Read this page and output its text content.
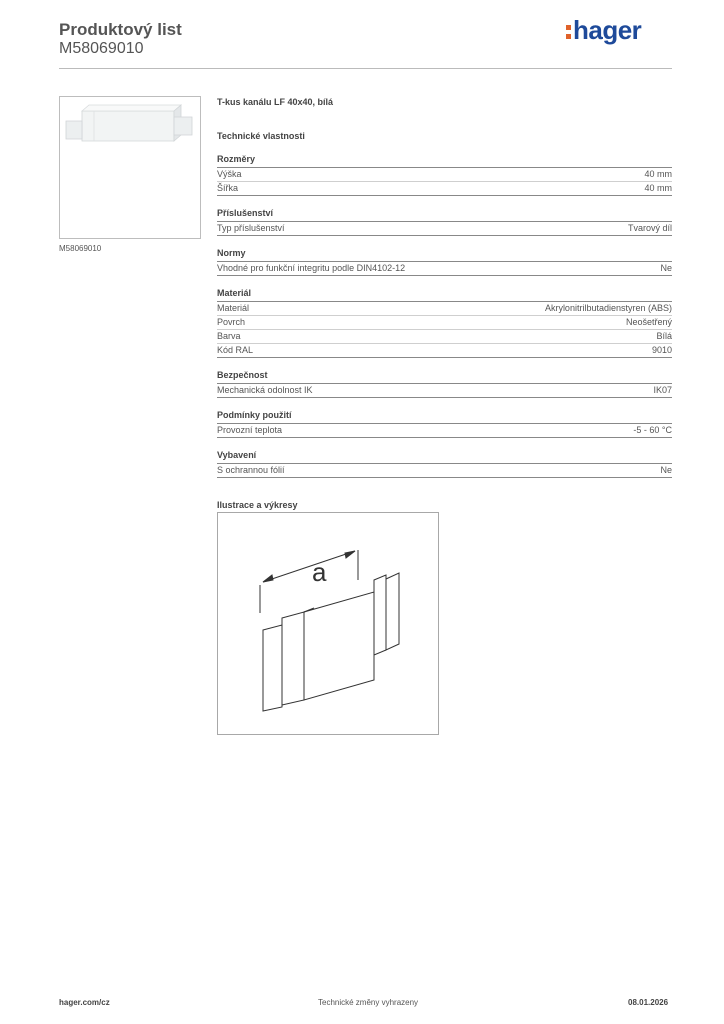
Produktový list
M58069010
hager
M58069010
T-kus kanálu LF 40x40, bílá
Technické vlastnosti
Rozměry
Výška	40 mm
Šířka	40 mm
Příslušenství
Typ příslušenství	Tvarový díl
Normy
Vhodné pro funkční integritu podle DIN4102-12	Ne
Materiál
Materiál	Akrylonitrilbutadienstyren (ABS)
Povrch	Neošetřený
Barva	Bílá
Kód RAL	9010
Bezpečnost
Mechanická odolnost IK	IK07
Podmínky použití
Provozní teplota	-5 - 60 °C
Vybavení
S ochrannou fólií	Ne
Ilustrace a výkresy
a
hager.com/cz	Technické změny vyhrazeny	08.01.2026
